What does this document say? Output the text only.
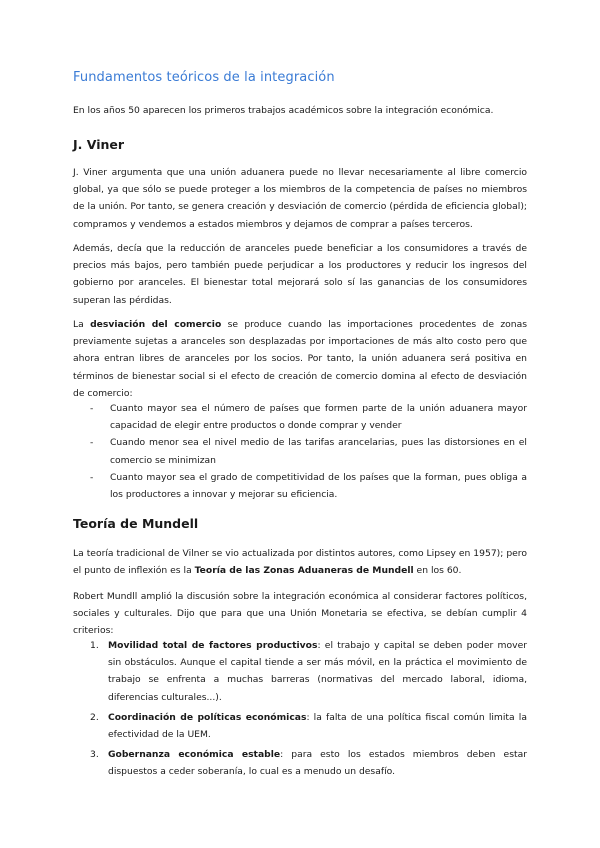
Fundamentos teóricos de la integración
En los años 50 aparecen los primeros trabajos académicos sobre la integración económica.
J. Viner
J. Viner argumenta que una unión aduanera puede no llevar necesariamente al libre comercio global, ya que sólo se puede proteger a los miembros de la competencia de países no miembros de la unión. Por tanto, se genera creación y desviación de comercio (pérdida de eficiencia global); compramos y vendemos a estados miembros y dejamos de comprar a países terceros.
Además, decía que la reducción de aranceles puede beneficiar a los consumidores a través de precios más bajos, pero también puede perjudicar a los productores y reducir los ingresos del gobierno por aranceles. El bienestar total mejorará solo sí las ganancias de los consumidores superan las pérdidas.
La desviación del comercio se produce cuando las importaciones procedentes de zonas previamente sujetas a aranceles son desplazadas por importaciones de más alto costo pero que ahora entran libres de aranceles por los socios. Por tanto, la unión aduanera será positiva en términos de bienestar social si el efecto de creación de comercio domina al efecto de desviación de comercio:
- Cuanto mayor sea el número de países que formen parte de la unión aduanera mayor capacidad de elegir entre productos o donde comprar y vender
- Cuando menor sea el nivel medio de las tarifas arancelarias, pues las distorsiones en el comercio se minimizan
- Cuanto mayor sea el grado de competitividad de los países que la forman, pues obliga a los productores a innovar y mejorar su eficiencia.
Teoría de Mundell
La teoría tradicional de Vilner se vio actualizada por distintos autores, como Lipsey en 1957); pero el punto de inflexión es la Teoría de las Zonas Aduaneras de Mundell en los 60.
Robert Mundll amplió la discusión sobre la integración económica al considerar factores políticos, sociales y culturales. Dijo que para que una Unión Monetaria se efectiva, se debían cumplir 4 criterios:
1. Movilidad total de factores productivos: el trabajo y capital se deben poder mover sin obstáculos. Aunque el capital tiende a ser más móvil, en la práctica el movimiento de trabajo se enfrenta a muchas barreras (normativas del mercado laboral, idioma, diferencias culturales...).
2. Coordinación de políticas económicas: la falta de una política fiscal común limita la efectividad de la UEM.
3. Gobernanza económica estable: para esto los estados miembros deben estar dispuestos a ceder soberanía, lo cual es a menudo un desafío.
